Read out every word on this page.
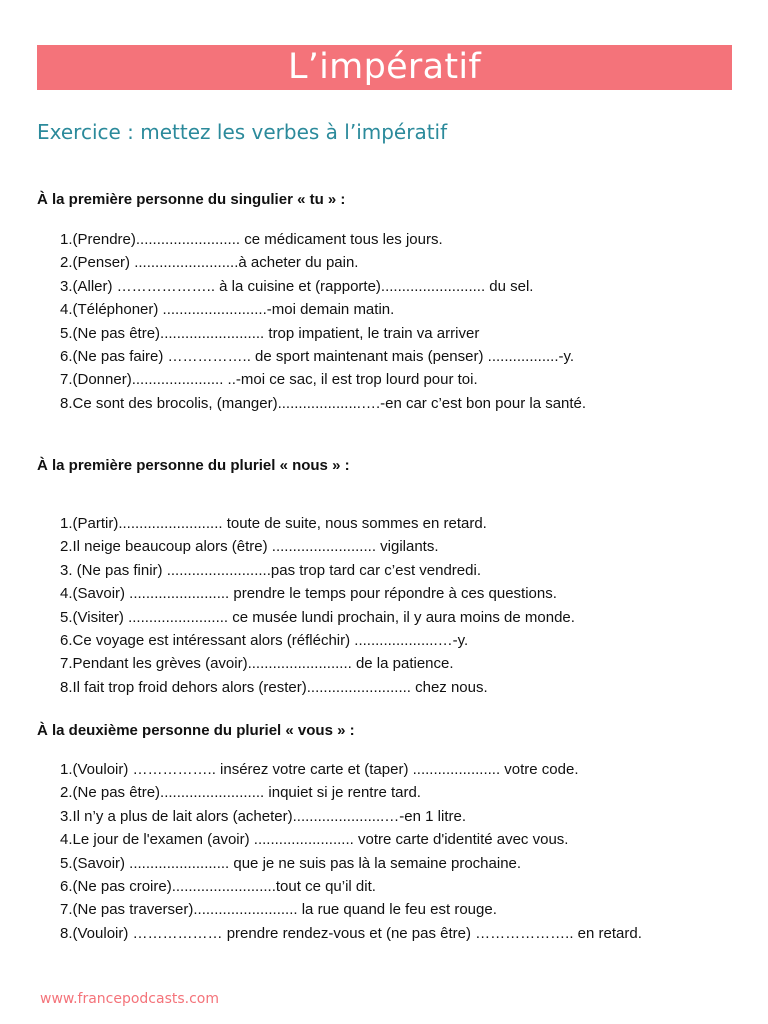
L’impératif

Exercice : mettez les verbes à l’impératif

À la première personne du singulier « tu » :

1.(Prendre)......................... ce médicament tous les jours.
2.(Penser) .........................à acheter du pain.
3.(Aller) ……………….. à la cuisine et (rapporte)......................... du sel.
4.(Téléphoner) .........................-moi demain matin.
5.(Ne pas être)......................... trop impatient, le train va arriver
6.(Ne pas faire) …………….. de sport maintenant mais (penser) .................-y.
7.(Donner)...................... ..-moi ce sac, il est trop lourd pour toi.
8.Ce sont des brocolis, (manger)....................….-en car c’est bon pour la santé.

À la première personne du pluriel « nous » :

1.(Partir)......................... toute de suite, nous sommes en retard.
2.Il neige beaucoup alors (être) ......................... vigilants.
3. (Ne pas finir) .........................pas trop tard car c’est vendredi.
4.(Savoir) ........................ prendre le temps pour répondre à ces questions.
5.(Visiter) ........................ ce musée lundi prochain, il y aura moins de monde.
6.Ce voyage est intéressant alors (réfléchir) ....................…-y.
7.Pendant les grèves (avoir)......................... de la patience.
8.Il fait trop froid dehors alors (rester)......................... chez nous.

À la deuxième personne du pluriel « vous » :

1.(Vouloir) …………….. insérez votre carte et (taper) ..................... votre code.
2.(Ne pas être)......................... inquiet si je rentre tard.
3.Il n’y a plus de lait alors (acheter)......................…-en 1 litre.
4.Le jour de l'examen (avoir) ........................ votre carte d'identité avec vous.
5.(Savoir) ........................ que je ne suis pas là la semaine prochaine.
6.(Ne pas croire).........................tout ce qu’il dit.
7.(Ne pas traverser)......................... la rue quand le feu est rouge.
8.(Vouloir) ……………… prendre rendez-vous et (ne pas être) ……………….. en retard.

www.francepodcasts.com
